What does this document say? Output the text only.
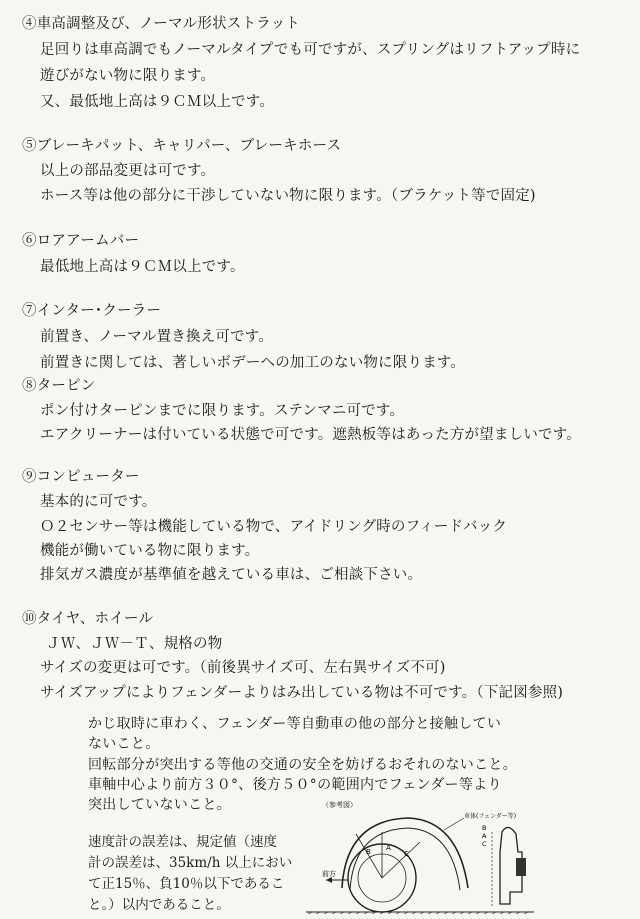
④車高調整及び、ノーマル形状ストラット
足回りは車高調でもノーマルタイプでも可ですが、スプリングはリフトアップ時に
遊びがない物に限ります。
又、最低地上高は９ＣＭ以上です。
⑤ブレーキパット、キャリパー、ブレーキホース
以上の部品変更は可です。
ホース等は他の部分に干渉していない物に限ります。（ブラケット等で固定)
⑥ロアアームバー
最低地上高は９ＣＭ以上です。
⑦インター･クーラー
前置き、ノーマル置き換え可です。
前置きに関しては、著しいボデーへの加工のない物に限ります。
⑧ターピン
ポン付けターピンまでに限ります。ステンマニ可です。
エアクリーナーは付いている状態で可です。遮熱板等はあった方が望ましいです。
⑨コンピューター
基本的に可です。
Ｏ２センサー等は機能している物で、アイドリング時のフィードバック
機能が働いている物に限ります。
排気ガス濃度が基準値を越えている車は、ご相談下さい。
⑩タイヤ、ホイール
ＪＷ、ＪＷ－Ｔ、規格の物
サイズの変更は可です。（前後異サイズ可、左右異サイズ不可)
サイズアップによりフェンダーよりはみ出している物は不可です。（下記図参照)
かじ取時に車わく、フェンダー等自動車の他の部分と接触してい
ないこと。
回転部分が突出する等他の交通の安全を妨げるおそれのないこと。
車軸中心より前方３０°、後方５０°の範囲内でフェンダー等より
突出していないこと。
速度計の誤差は、規定値（速度
計の誤差は、35km/h 以上におい
て正15％、負10％以下であるこ
と。）以内であること。
（参考図）
車体(フェンダー等)
B A
C
前方
B
A
C
